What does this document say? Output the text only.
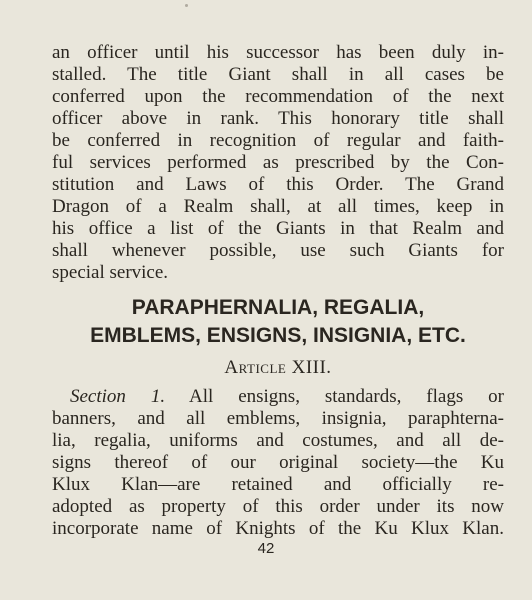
an officer until his successor has been duly in-
stalled. The title Giant shall in all cases be
conferred upon the recommendation of the next
officer above in rank. This honorary title shall
be conferred in recognition of regular and faith-
ful services performed as prescribed by the Con-
stitution and Laws of this Order. The Grand
Dragon of a Realm shall, at all times, keep in
his office a list of the Giants in that Realm and
shall whenever possible, use such Giants for
special service.
PARAPHERNALIA, REGALIA,
EMBLEMS, ENSIGNS, INSIGNIA, ETC.
Article XIII.
Section 1. All ensigns, standards, flags or
banners, and all emblems, insignia, paraphterna-
lia, regalia, uniforms and costumes, and all de-
signs thereof of our original society—the Ku
Klux Klan—are retained and officially re-
adopted as property of this order under its now
incorporate name of Knights of the Ku Klux Klan.
42
